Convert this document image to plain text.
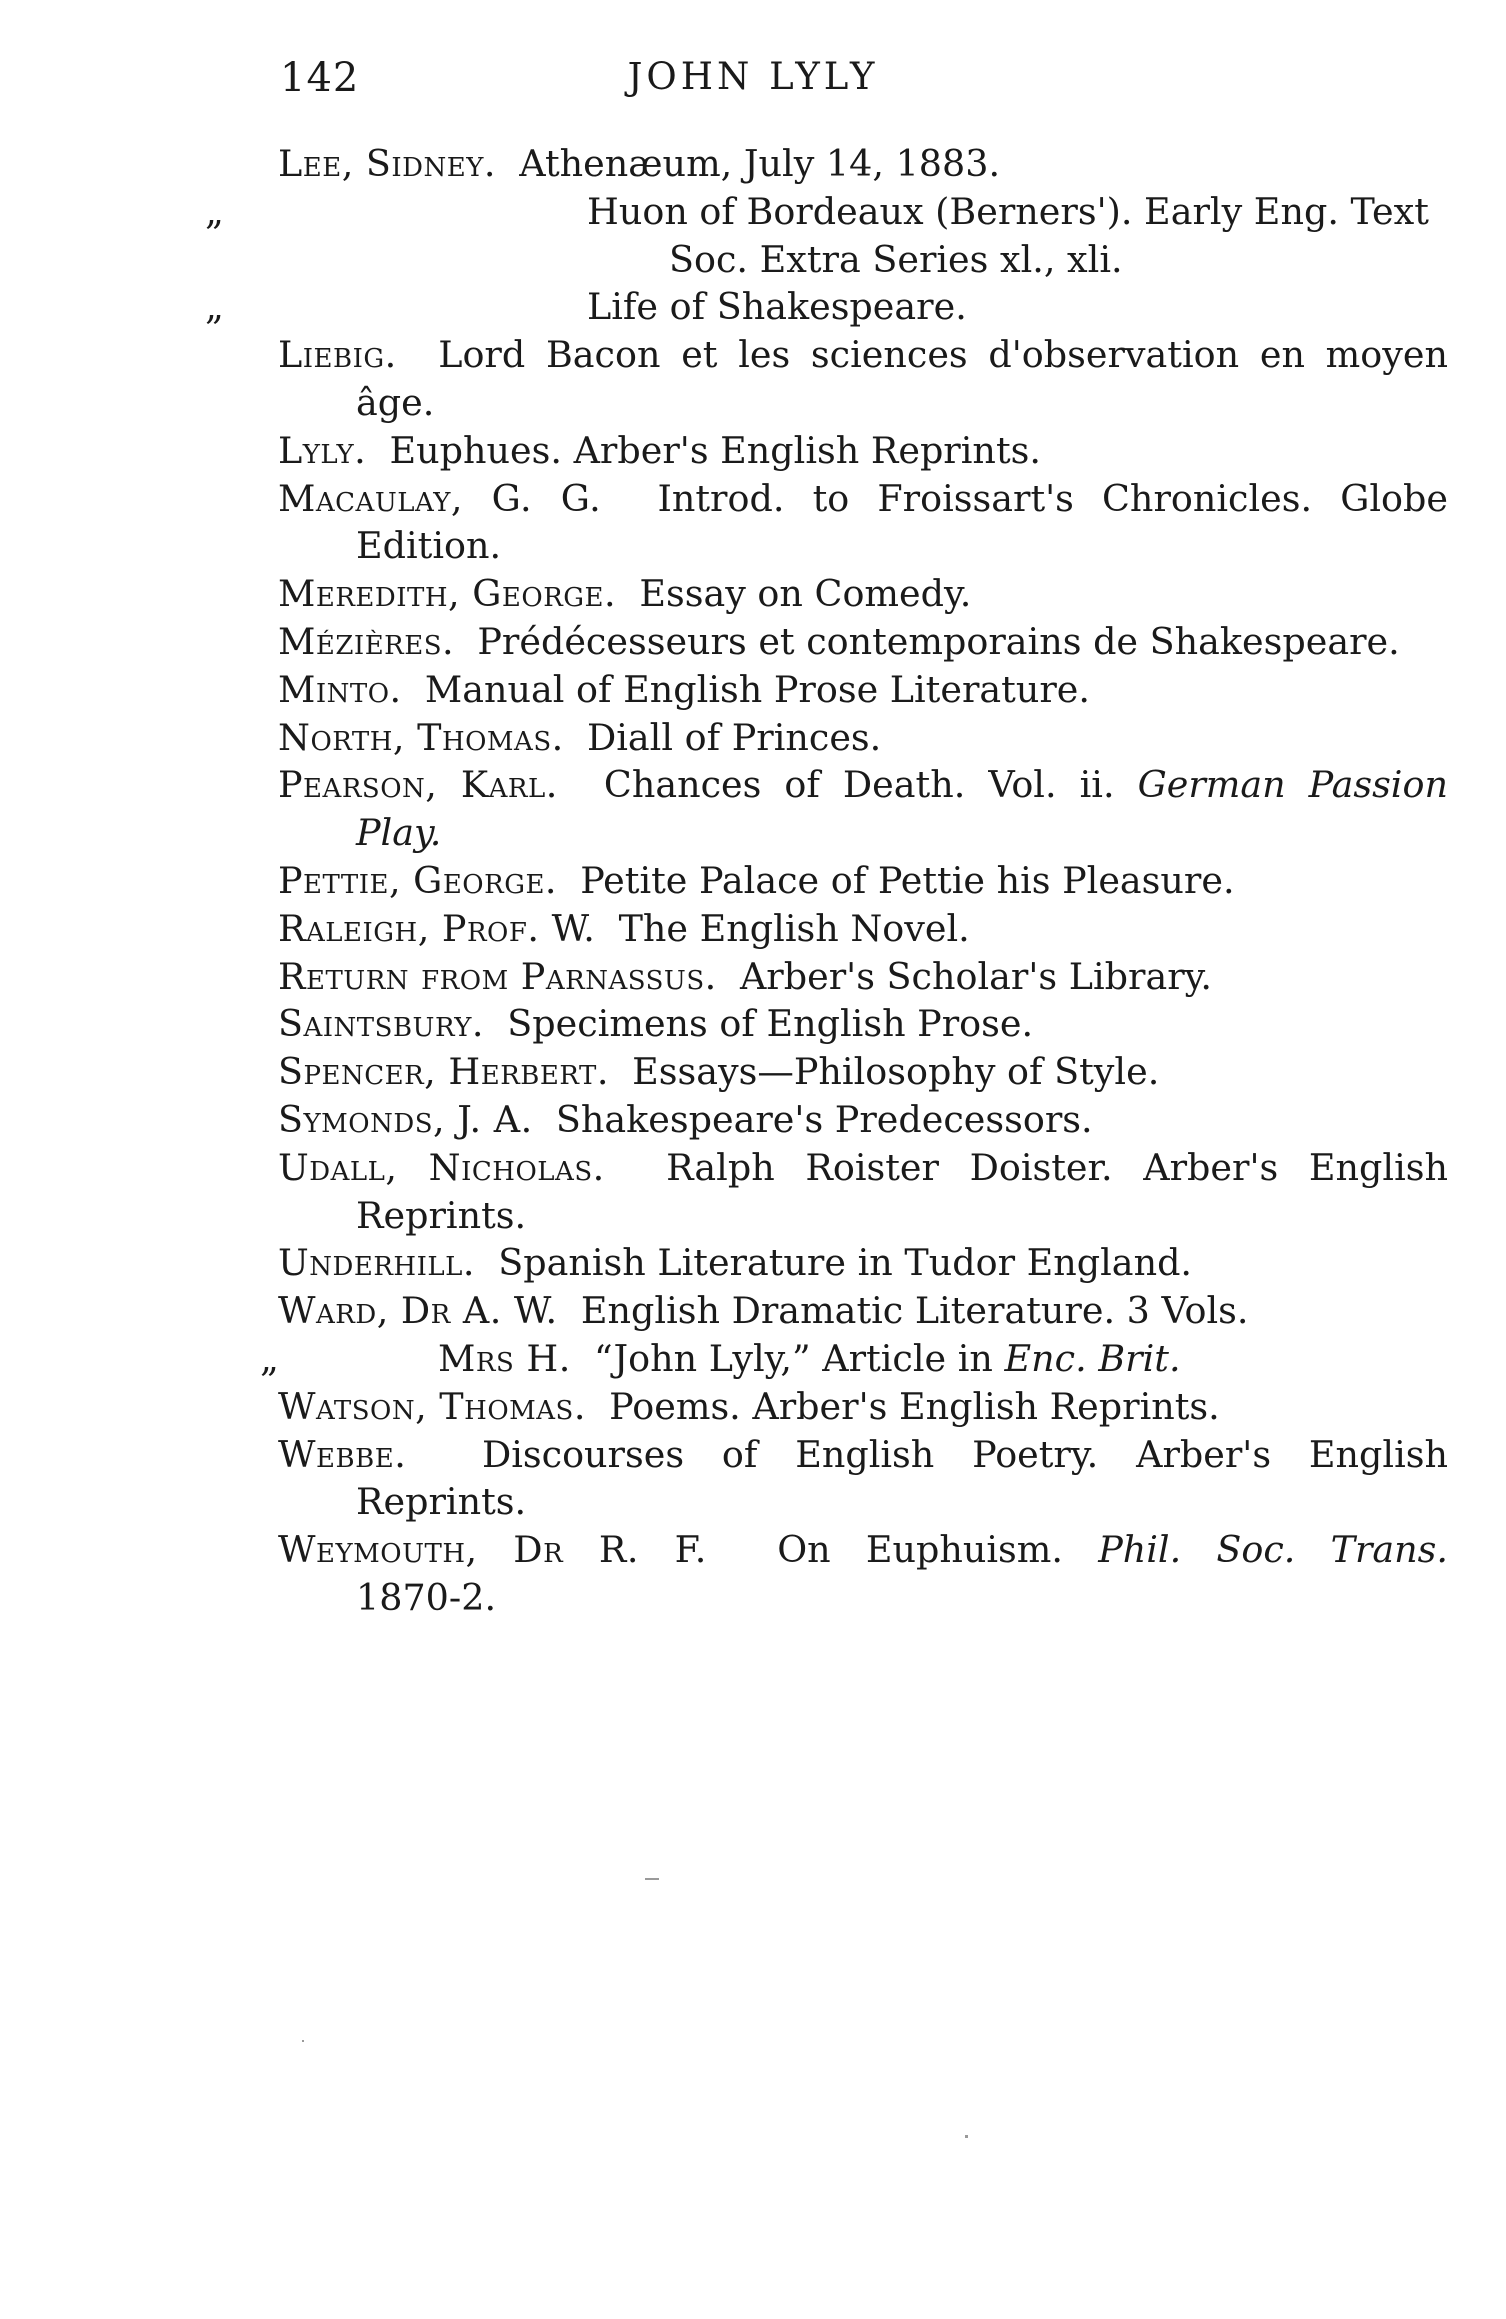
142	JOHN LYLY

Lee, Sidney. Athenæum, July 14, 1883.

„	Huon of Bordeaux (Berners'). Early Eng. Text
Soc. Extra Series xl., xli.

„	Life of Shakespeare.

Liebig. Lord Bacon et les sciences d'observation en moyen âge.

Lyly. Euphues. Arber's English Reprints.

Macaulay, G. G. Introd. to Froissart's Chronicles. Globe Edition.

Meredith, George. Essay on Comedy.

Mézières. Prédécesseurs et contemporains de Shakespeare.

Minto. Manual of English Prose Literature.

North, Thomas. Diall of Princes.

Pearson, Karl. Chances of Death. Vol. ii. German Passion Play.

Pettie, George. Petite Palace of Pettie his Pleasure.

Raleigh, Prof. W. The English Novel.

Return from Parnassus. Arber's Scholar's Library.

Saintsbury. Specimens of English Prose.

Spencer, Herbert. Essays—Philosophy of Style.

Symonds, J. A. Shakespeare's Predecessors.

Udall, Nicholas. Ralph Roister Doister. Arber's English Reprints.

Underhill. Spanish Literature in Tudor England.

Ward, Dr A. W. English Dramatic Literature. 3 Vols.

„	Mrs H. “John Lyly,” Article in Enc. Brit.

Watson, Thomas. Poems. Arber's English Reprints.

Webbe. Discourses of English Poetry. Arber's English Reprints.

Weymouth, Dr R. F. On Euphuism. Phil. Soc. Trans. 1870-2.
